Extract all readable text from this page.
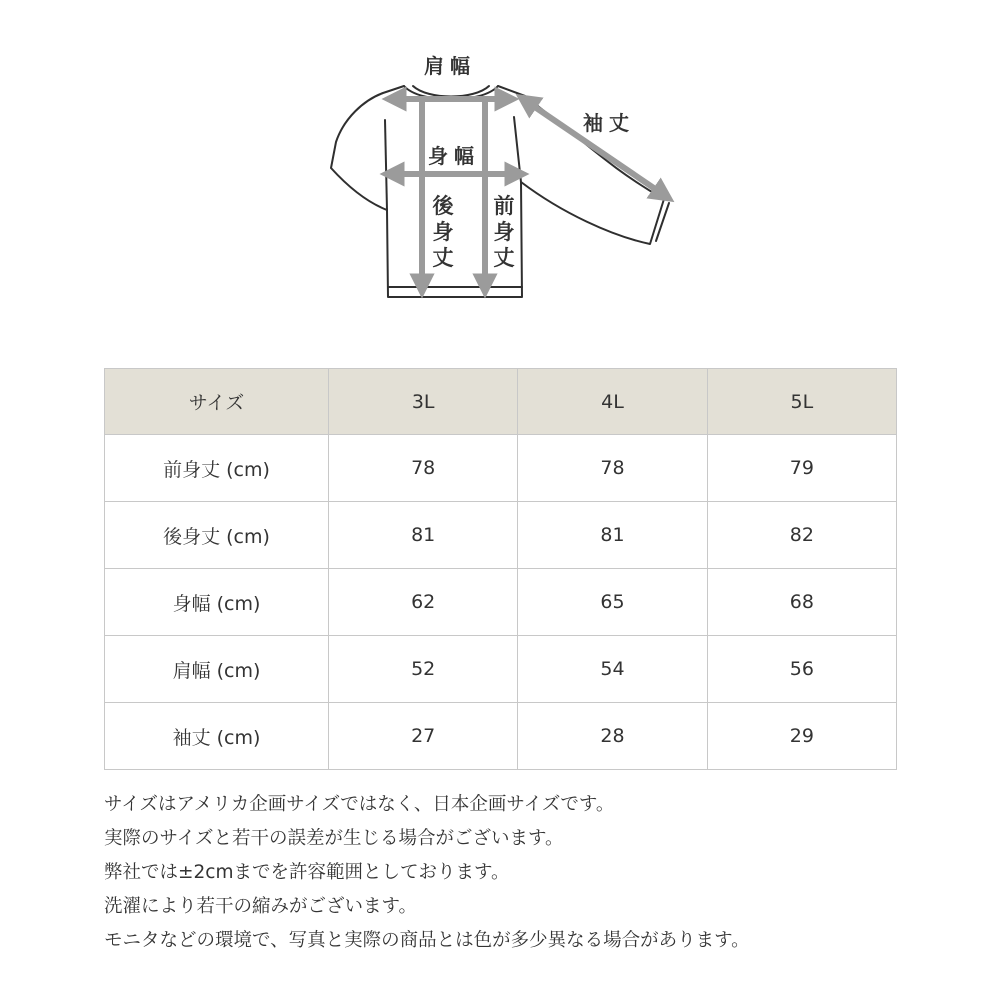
肩幅
袖丈
身幅
後身丈
前身丈
サイズ	3L	4L	5L
前身丈 (cm)	78	78	79
後身丈 (cm)	81	81	82
身幅 (cm)	62	65	68
肩幅 (cm)	52	54	56
袖丈 (cm)	27	28	29
サイズはアメリカ企画サイズではなく、日本企画サイズです。
実際のサイズと若干の誤差が生じる場合がございます。
弊社では±2cmまでを許容範囲としております。
洗濯により若干の縮みがございます。
モニタなどの環境で、写真と実際の商品とは色が多少異なる場合があります。
